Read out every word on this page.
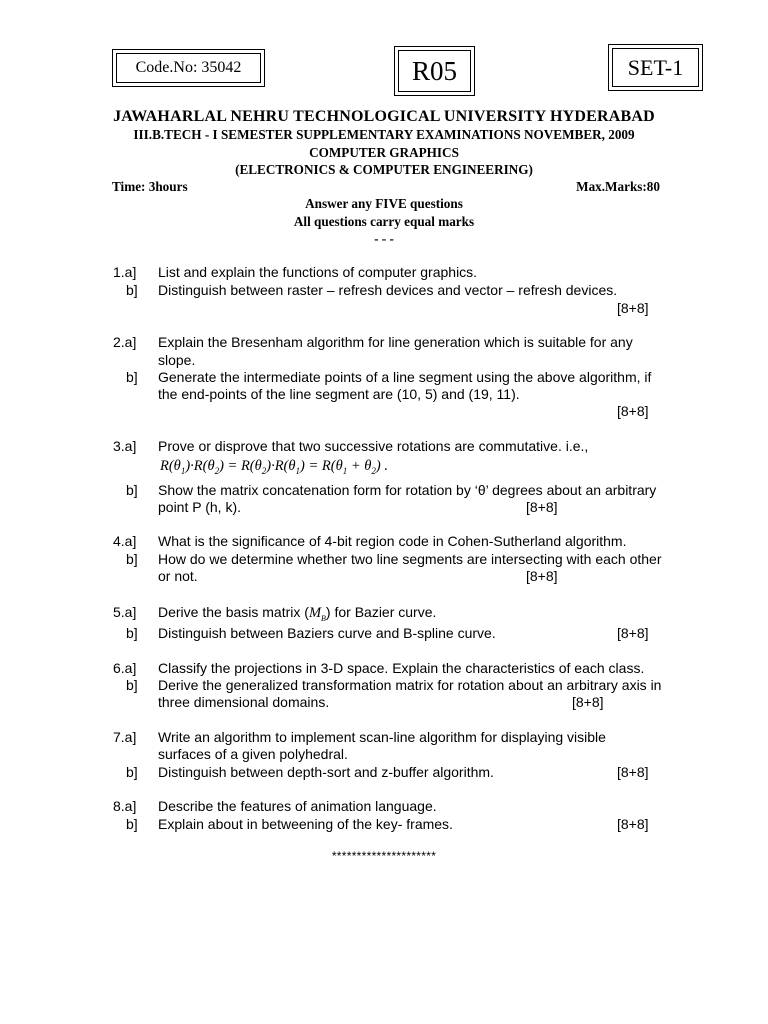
Code.No: 35042	R05	SET-1
JAWAHARLAL NEHRU TECHNOLOGICAL UNIVERSITY HYDERABAD
III.B.TECH - I SEMESTER SUPPLEMENTARY EXAMINATIONS NOVEMBER, 2009
COMPUTER GRAPHICS
(ELECTRONICS & COMPUTER ENGINEERING)
Time: 3hours	Max.Marks:80
Answer any FIVE questions
All questions carry equal marks
- - -
1.a] List and explain the functions of computer graphics.
b] Distinguish between raster – refresh devices and vector – refresh devices.
[8+8]
2.a] Explain the Bresenham algorithm for line generation which is suitable for any
slope.
b] Generate the intermediate points of a line segment using the above algorithm, if
the end-points of the line segment are (10, 5) and (19, 11).
[8+8]
3.a] Prove or disprove that two successive rotations are commutative. i.e.,
$R(\theta_1)\cdot R(\theta_2) = R(\theta_2)\cdot R(\theta_1) = R(\theta_1 + \theta_2)$ .
b] Show the matrix concatenation form for rotation by ‘θ’ degrees about an arbitrary
point P (h, k).	[8+8]
4.a] What is the significance of 4-bit region code in Cohen-Sutherland algorithm.
b] How do we determine whether two line segments are intersecting with each other
or not.	[8+8]
5.a] Derive the basis matrix $(M_B)$ for Bazier curve.
b] Distinguish between Baziers curve and B-spline curve.	[8+8]
6.a] Classify the projections in 3-D space. Explain the characteristics of each class.
b] Derive the generalized transformation matrix for rotation about an arbitrary axis in
three dimensional domains.	[8+8]
7.a] Write an algorithm to implement scan-line algorithm for displaying visible
surfaces of a given polyhedral.
b] Distinguish between depth-sort and z-buffer algorithm.	[8+8]
8.a] Describe the features of animation language.
b] Explain about in betweening of the key- frames.	[8+8]
*********************
